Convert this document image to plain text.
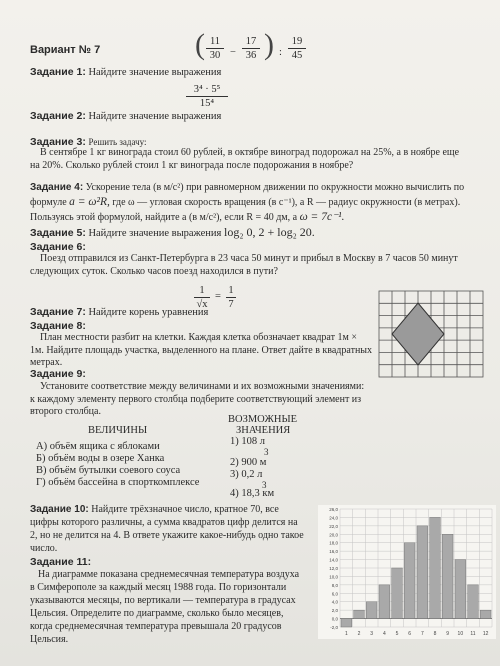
Вариант № 7	( 11
30 −
17
36 ) :
19
45
Задание 1: Найдите значение выражения
3⁴ · 5⁵
15⁴
Задание 2: Найдите значение выражения
Задание 3: Решить задачу:
В сентябре 1 кг винограда стоил 60 рублей, в октябре виноград подорожал на 25%, а в ноябре еще
на 20%. Сколько рублей стоил 1 кг винограда после подорожания в ноябре?
Задание 4: Ускорение тела (в м/с²) при равномерном движении по окружности можно вычислить по
формуле a = ω²R, где ω — угловая скорость вращения (в с⁻¹), а R — радиус окружности (в метрах).
Пользуясь этой формулой, найдите a (в м/с²), если R = 40 дм, а ω = 7с⁻¹.
Задание 5: Найдите значение выражения log₂ 0, 2 + log₂ 20.
Задание 6:
Поезд отправился из Санкт-Петербурга в 23 часа 50 минут и прибыл в Москву в 7 часов 50 минут
следующих суток. Сколько часов поезд находился в пути?
1
√x
=
1
7
Задание 7: Найдите корень уравнения
Задание 8:
План местности разбит на клетки. Каждая клетка обозначает квадрат 1м ×
1м. Найдите площадь участка, выделенного на плане. Ответ дайте в квадратных
метрах.
Задание 9:
Установите соответствие между величинами и их возможными значениями:
к каждому элементу первого столбца подберите соответствующий элемент из
второго столбца.
ВЕЛИЧИНЫ
ВОЗМОЖНЫЕ
ЗНАЧЕНИЯ
А) объём ящика с яблоками
Б) объём воды в озере Ханка
В) объём бутылки соевого соуса
Г) объём бассейна в спорткомплексе
1) 108 л
3
2) 900 м
3) 0,2 л
3
4) 18,3 км
Задание 10: Найдите трёхзначное число, кратное 70, все
цифры которого различны, а сумма квадратов цифр делится на
2, но не делится на 4. В ответе укажите какое-нибудь одно такое
число.
Задание 11:
На диаграмме показана среднемесячная температура воздуха
в Симферополе за каждый месяц 1988 года. По горизонтали
указываются месяцы, по вертикали — температура в градусах
Цельсия. Определите по диаграмме, сколько было месяцев,
когда среднемесячная температура превышала 20 градусов
Цельсия.
26,0
24,0
22,0
20,0
18,0
16,0
14,0
12,0
10,0
8,0
6,0
4,0
2,0
0,0
-2,0
1 2 3 4 5 6 7 8 9 10 11 12
